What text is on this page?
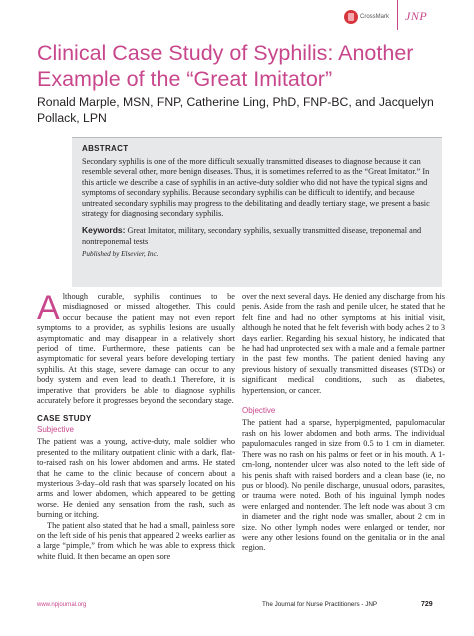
CrossMark JNP
Clinical Case Study of Syphilis: Another Example of the “Great Imitator”
Ronald Marple, MSN, FNP, Catherine Ling, PhD, FNP-BC, and Jacquelyn Pollack, LPN
ABSTRACT

Secondary syphilis is one of the more difficult sexually transmitted diseases to diagnose because it can resemble several other, more benign diseases. Thus, it is sometimes referred to as the “Great Imitator.” In this article we describe a case of syphilis in an active-duty soldier who did not have the typical signs and symptoms of secondary syphilis. Because secondary syphilis can be difficult to identify, and because untreated secondary syphilis may progress to the debilitating and deadly tertiary stage, we present a basic strategy for diagnosing secondary syphilis.

Keywords: Great Imitator, military, secondary syphilis, sexually transmitted disease, treponemal and nontreponemal tests

Published by Elsevier, Inc.

Although curable, syphilis continues to be misdiagnosed or missed altogether. This could occur because the patient may not even report symptoms to a provider, as syphilis lesions are usually asymptomatic and may disappear in a relatively short period of time. Furthermore, these patients can be asymptomatic for several years before developing tertiary syphilis. At this stage, severe damage can occur to any body system and even lead to death.1 Therefore, it is imperative that providers be able to diagnose syphilis accurately before it progresses beyond the secondary stage.

CASE STUDY
Subjective

The patient was a young, active-duty, male soldier who presented to the military outpatient clinic with a dark, flat-to-raised rash on his lower abdomen and arms. He stated that he came to the clinic because of concern about a mysterious 3-day–old rash that was sparsely located on his arms and lower abdomen, which appeared to be getting worse. He denied any sensation from the rash, such as burning or itching.

The patient also stated that he had a small, painless sore on the left side of his penis that appeared 2 weeks earlier as a large “pimple,” from which he was able to express thick white fluid. It then became an open sore

over the next several days. He denied any discharge from his penis. Aside from the rash and penile ulcer, he stated that he felt fine and had no other symptoms at his initial visit, although he noted that he felt feverish with body aches 2 to 3 days earlier. Regarding his sexual history, he indicated that he had had unprotected sex with a male and a female partner in the past few months. The patient denied having any previous history of sexually transmitted diseases (STDs) or significant medical conditions, such as diabetes, hypertension, or cancer.

Objective

The patient had a sparse, hyperpigmented, papulomacular rash on his lower abdomen and both arms. The individual papulomacules ranged in size from 0.5 to 1 cm in diameter. There was no rash on his palms or feet or in his mouth. A 1-cm-long, nontender ulcer was also noted to the left side of his penis shaft with raised borders and a clean base (ie, no pus or blood). No penile discharge, unusual odors, parasites, or trauma were noted. Both of his inguinal lymph nodes were enlarged and nontender. The left node was about 3 cm in diameter and the right node was smaller, about 2 cm in size. No other lymph nodes were enlarged or tender, nor were any other lesions found on the genitalia or in the anal region.

www.npjournal.org	The Journal for Nurse Practitioners - JNP	729
